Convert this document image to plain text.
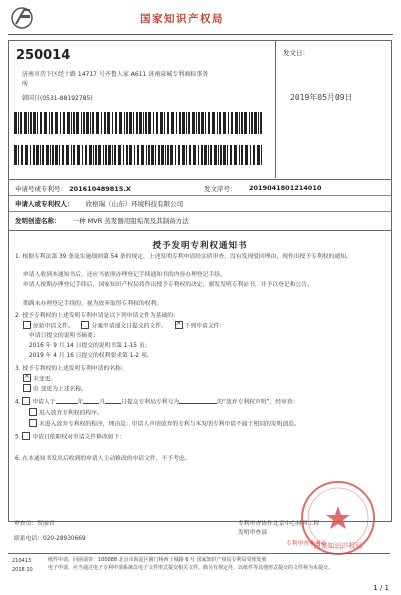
国家知识产权局
250014
济南市历下区经十路 14717 号齐鲁人家 A611 济南泉城专利商标事务
所
韩国日(0531-88192785)
发文日：
2019年05月09日
申请号或专利号： 201610489815.X	发文序号： 2019041801214010
申请人或专利权人： 欣格瑞（山东）环境科技有限公司
发明创造名称： 一种 MVR 蒸发器用阻垢剂及其制备方法
授予发明专利权通知书
1. 根据专利法第 39 条及实施细则第 54 条的规定，上述发明专利申请经实质审查，没有发现驳回理由，现作出授予专利权的通知。
申请人收到本通知书后，还应当依照办理登记手续通知书的内容办理登记手续。
申请人按期办理登记手续后，国家知识产权局将作出授予专利权的决定，颁发发明专利证书，并予以登记和公告。
期满未办理登记手续的，视为放弃取得专利权的权利。
2. 授予专利权的上述发明专利申请是以下列申请文件为基础的：
原始申请文件。	分案申请递交日提交的文件。 ×	下列申请文件：
申请日提交的说明书摘要；
2016 年 9 月 14 日提交的说明书第 1-15 页；
2019 年 4 月 16 日提交的权利要求第 1-2 项。
3. 授予专利权的上述发明专利申请的名称：
×未变更。
由 变更为上述名称。
4. 申请人于	年	月	日提交专利局专利号为	的“放弃专利权声明”，经审查：
进入放弃专利权的程序。
未进入放弃专利权的程序，理由是：申请人声明放弃的专利与本发明专利申请不属于相同的发明创造。
5. 申请日依职权对申请文件修改如下：
6. 在本通知书发出后收到的申请人主动修改的申请文件，不予考虑。
国家知识产权局
审查员：贺丽君
联系电话：020-28930669
专利审查协作北京中心材料工程
发明审查部
专利审查业务章
210413
2018.10
纸件申请，回函请寄：100088 北京市海淀区蓟门桥西土城路 6 号 国家知识产权局专利局受理处收
电子申请，应当通过电子专利申请系统以电子文件形式提交相关文件。除另有规定外，以纸件等其他形式提交的文件视为未提交。
1 / 1
